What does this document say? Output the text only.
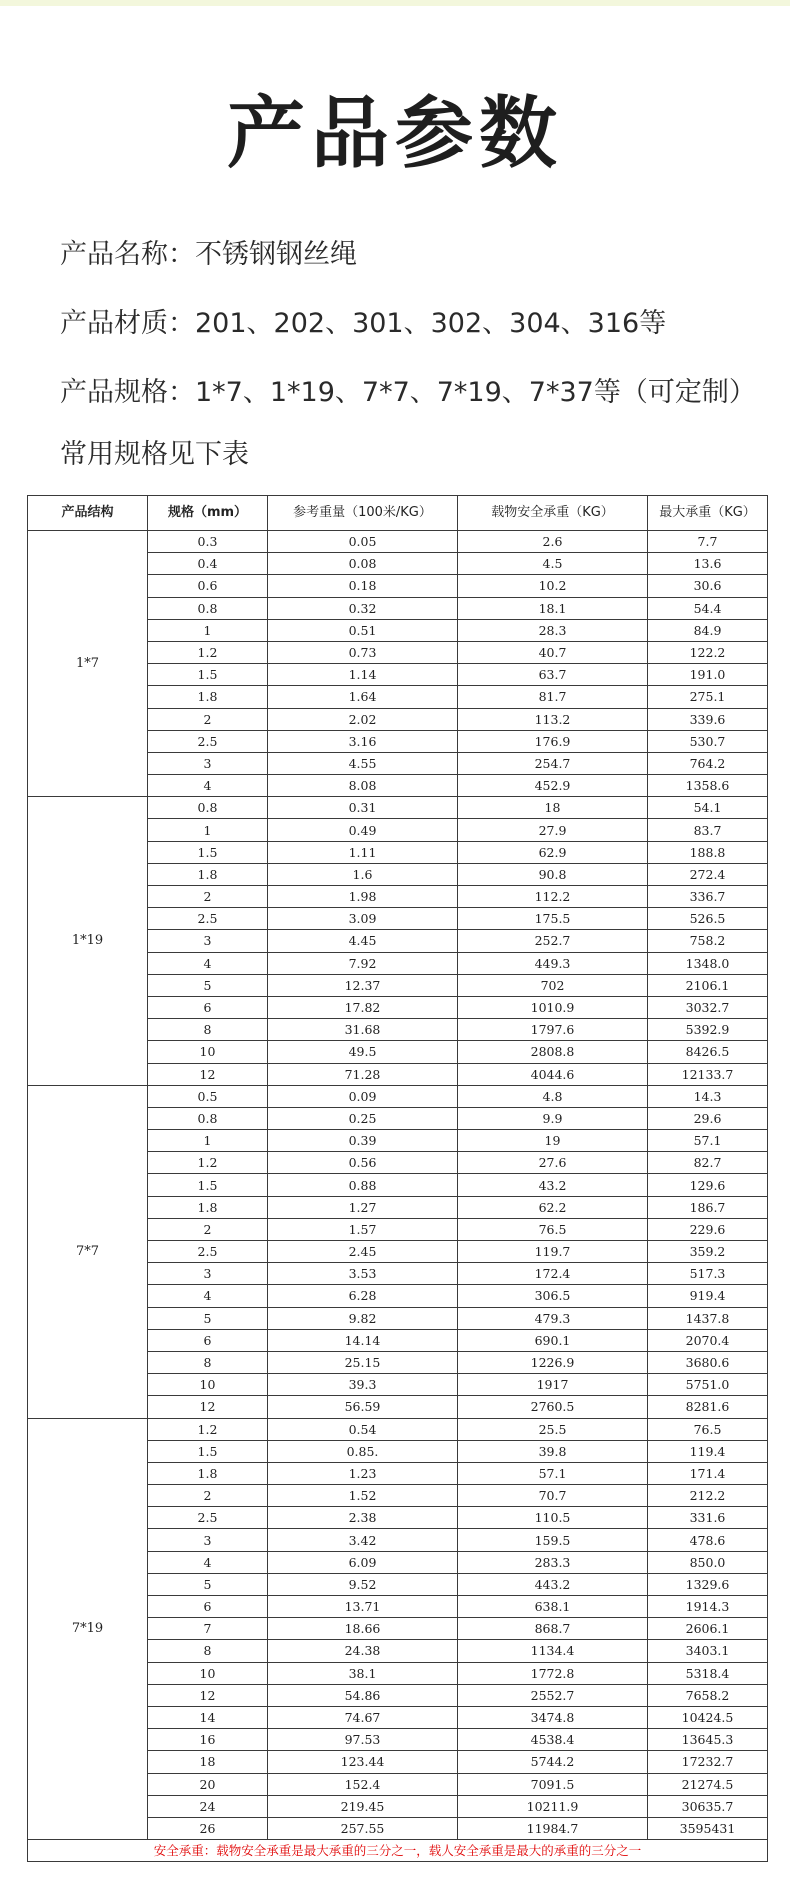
产品参数
产品名称：不锈钢钢丝绳
产品材质：201、202、301、302、304、316等
产品规格：1*7、1*19、7*7、7*19、7*37等（可定制）
常用规格见下表
产品结构	规格（mm）	参考重量（100米/KG）	载物安全承重（KG）	最大承重（KG）
1*7	0.3	0.05	2.6	7.7
	0.4	0.08	4.5	13.6
	0.6	0.18	10.2	30.6
	0.8	0.32	18.1	54.4
	1	0.51	28.3	84.9
	1.2	0.73	40.7	122.2
	1.5	1.14	63.7	191.0
	1.8	1.64	81.7	275.1
	2	2.02	113.2	339.6
	2.5	3.16	176.9	530.7
	3	4.55	254.7	764.2
	4	8.08	452.9	1358.6
1*19	0.8	0.31	18	54.1
	1	0.49	27.9	83.7
	1.5	1.11	62.9	188.8
	1.8	1.6	90.8	272.4
	2	1.98	112.2	336.7
	2.5	3.09	175.5	526.5
	3	4.45	252.7	758.2
	4	7.92	449.3	1348.0
	5	12.37	702	2106.1
	6	17.82	1010.9	3032.7
	8	31.68	1797.6	5392.9
	10	49.5	2808.8	8426.5
	12	71.28	4044.6	12133.7
7*7	0.5	0.09	4.8	14.3
	0.8	0.25	9.9	29.6
	1	0.39	19	57.1
	1.2	0.56	27.6	82.7
	1.5	0.88	43.2	129.6
	1.8	1.27	62.2	186.7
	2	1.57	76.5	229.6
	2.5	2.45	119.7	359.2
	3	3.53	172.4	517.3
	4	6.28	306.5	919.4
	5	9.82	479.3	1437.8
	6	14.14	690.1	2070.4
	8	25.15	1226.9	3680.6
	10	39.3	1917	5751.0
	12	56.59	2760.5	8281.6
7*19	1.2	0.54	25.5	76.5
	1.5	0.85.	39.8	119.4
	1.8	1.23	57.1	171.4
	2	1.52	70.7	212.2
	2.5	2.38	110.5	331.6
	3	3.42	159.5	478.6
	4	6.09	283.3	850.0
	5	9.52	443.2	1329.6
	6	13.71	638.1	1914.3
	7	18.66	868.7	2606.1
	8	24.38	1134.4	3403.1
	10	38.1	1772.8	5318.4
	12	54.86	2552.7	7658.2
	14	74.67	3474.8	10424.5
	16	97.53	4538.4	13645.3
	18	123.44	5744.2	17232.7
	20	152.4	7091.5	21274.5
	24	219.45	10211.9	30635.7
	26	257.55	11984.7	3595431
安全承重：载物安全承重是最大承重的三分之一，载人安全承重是最大的承重的三分之一				
